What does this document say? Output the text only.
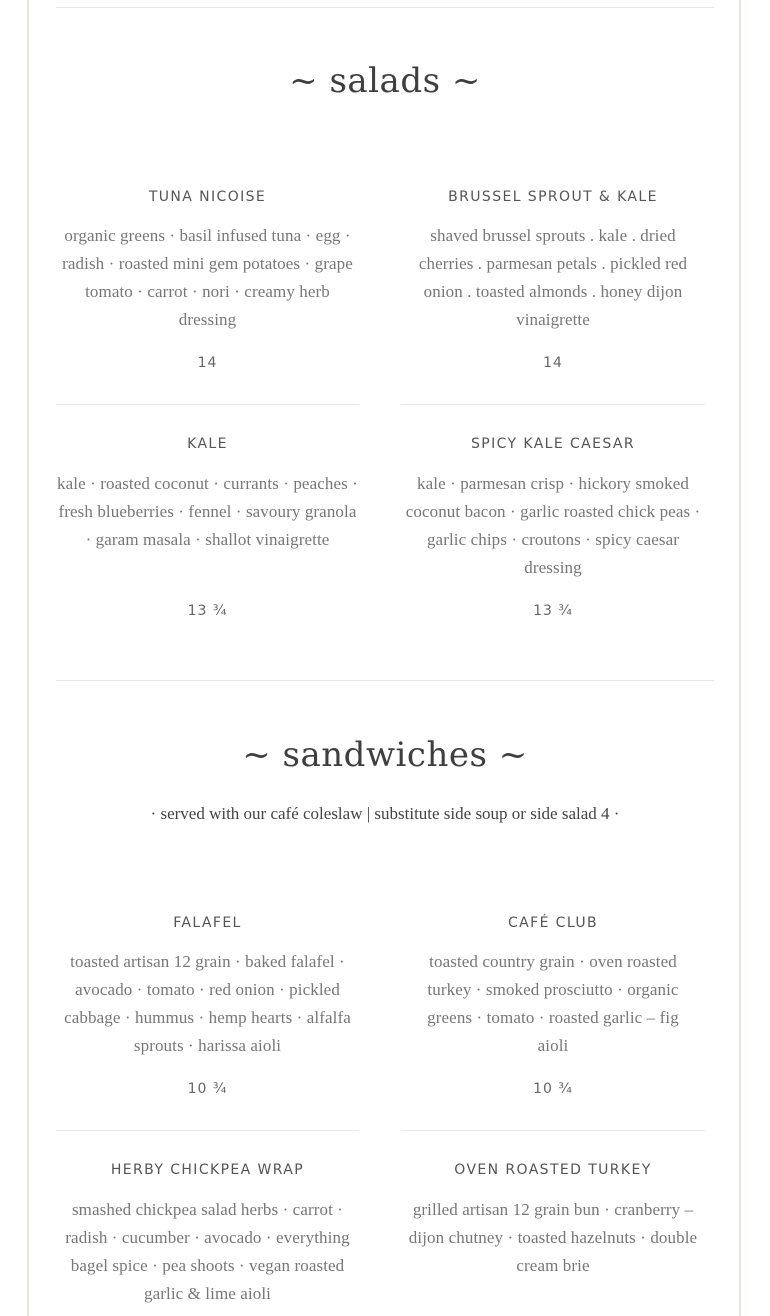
~ salads ~
TUNA NICOISE
organic greens · basil infused tuna · egg · radish · roasted mini gem potatoes · grape tomato · carrot · nori · creamy herb dressing
14
BRUSSEL SPROUT & KALE
shaved brussel sprouts . kale . dried cherries . parmesan petals . pickled red onion . toasted almonds . honey dijon vinaigrette
14
KALE
kale · roasted coconut · currants · peaches · fresh blueberries · fennel · savoury granola · garam masala · shallot vinaigrette
13 ¾
SPICY KALE CAESAR
kale · parmesan crisp · hickory smoked coconut bacon · garlic roasted chick peas · garlic chips · croutons · spicy caesar dressing
13 ¾
~ sandwiches ~
· served with our café coleslaw | substitute side soup or side salad 4 ·
FALAFEL
toasted artisan 12 grain · baked falafel · avocado · tomato · red onion · pickled cabbage · hummus · hemp hearts · alfalfa sprouts · harissa aioli
10 ¾
CAFÉ CLUB
toasted country grain · oven roasted turkey · smoked prosciutto · organic greens · tomato · roasted garlic – fig aioli
10 ¾
HERBY CHICKPEA WRAP
smashed chickpea salad herbs · carrot · radish · cucumber · avocado · everything bagel spice · pea shoots · vegan roasted garlic & lime aioli
OVEN ROASTED TURKEY
grilled artisan 12 grain bun · cranberry – dijon chutney · toasted hazelnuts · double cream brie
